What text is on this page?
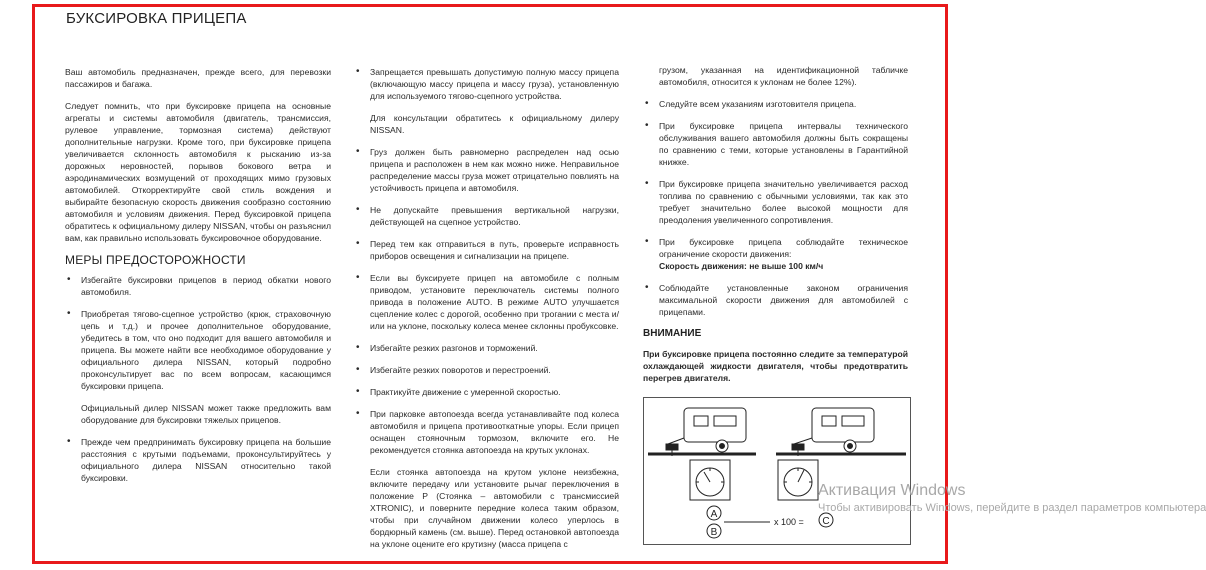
БУКСИРОВКА ПРИЦЕПА

Ваш автомобиль предназначен, прежде всего, для перевозки пассажиров и багажа.

Следует помнить, что при буксировке прицепа на основные агрегаты и системы автомобиля (двигатель, трансмиссия, рулевое управление, тормозная система) действуют дополнительные нагрузки. Кроме того, при буксировке прицепа увеличивается склонность автомобиля к рысканию из-за дорожных неровностей, порывов бокового ветра и аэродинамических возмущений от проходящих мимо грузовых автомобилей. Откорректируйте свой стиль вождения и выбирайте безопасную скорость движения сообразно состоянию автомобиля и условиям движения. Перед буксировкой прицепа обратитесь к официальному дилеру NISSAN, чтобы он разъяснил вам, как правильно использовать буксировочное оборудование.

МЕРЫ ПРЕДОСТОРОЖНОСТИ
• Избегайте буксировки прицепов в период обкатки нового автомобиля.
• Приобретая тягово-сцепное устройство (крюк, страховочную цепь и т.д.) и прочее дополнительное оборудование, убедитесь в том, что оно подходит для вашего автомобиля и прицепа. Вы можете найти все необходимое оборудование у официального дилера NISSAN, который подробно проконсультирует вас по всем вопросам, касающимся буксировки прицепа.
Официальный дилер NISSAN может также предложить вам оборудование для буксировки тяжелых прицепов.
• Прежде чем предпринимать буксировку прицепа на большие расстояния с крутыми подъемами, проконсультируйтесь у официального дилера NISSAN относительно такой буксировки.
• Запрещается превышать допустимую полную массу прицепа (включающую массу прицепа и массу груза), установленную для используемого тягово-сцепного устройства.
Для консультации обратитесь к официальному дилеру NISSAN.
• Груз должен быть равномерно распределен над осью прицепа и расположен в нем как можно ниже. Неправильное распределение массы груза может отрицательно повлиять на устойчивость прицепа и автомобиля.
• Не допускайте превышения вертикальной нагрузки, действующей на сцепное устройство.
• Перед тем как отправиться в путь, проверьте исправность приборов освещения и сигнализации на прицепе.
• Если вы буксируете прицеп на автомобиле с полным приводом, установите переключатель системы полного привода в положение AUTO. В режиме AUTO улучшается сцепление колес с дорогой, особенно при трогании с места и/или на уклоне, поскольку колеса менее склонны пробуксовке.
• Избегайте резких разгонов и торможений.
• Избегайте резких поворотов и перестроений.
• Практикуйте движение с умеренной скоростью.
• При парковке автопоезда всегда устанавливайте под колеса автомобиля и прицепа противооткатные упоры. Если прицеп оснащен стояночным тормозом, включите его. Не рекомендуется стоянка автопоезда на крутых уклонах.
Если стоянка автопоезда на крутом уклоне неизбежна, включите передачу или установите рычаг переключения в положение P (Стоянка – автомобили с трансмиссией XTRONIC), и поверните передние колеса таким образом, чтобы при случайном движении колесо уперлось в бордюрный камень (см. выше). Перед остановкой автопоезда на уклоне оцените его крутизну (масса прицепа с
грузом, указанная на идентификационной табличке автомобиля, относится к уклонам не более 12%).
• Следуйте всем указаниям изготовителя прицепа.
• При буксировке прицепа интервалы технического обслуживания вашего автомобиля должны быть сокращены по сравнению с теми, которые установлены в Гарантийной книжке.
• При буксировке прицепа значительно увеличивается расход топлива по сравнению с обычными условиями, так как это требует значительно более высокой мощности для преодоления увеличенного сопротивления.
• При буксировке прицепа соблюдайте техническое ограничение скорости движения:
Скорость движения: не выше 100 км/ч
• Соблюдайте установленные законом ограничения максимальной скорости движения для автомобилей с прицепами.
ВНИМАНИЕ

При буксировке прицепа постоянно следите за температурой охлаждающей жидкости двигателя, чтобы предотвратить перегрев двигателя.

A
B
C
x 100 =
Активация Windows
Чтобы активировать Windows, перейдите в раздел параметров компьютера
